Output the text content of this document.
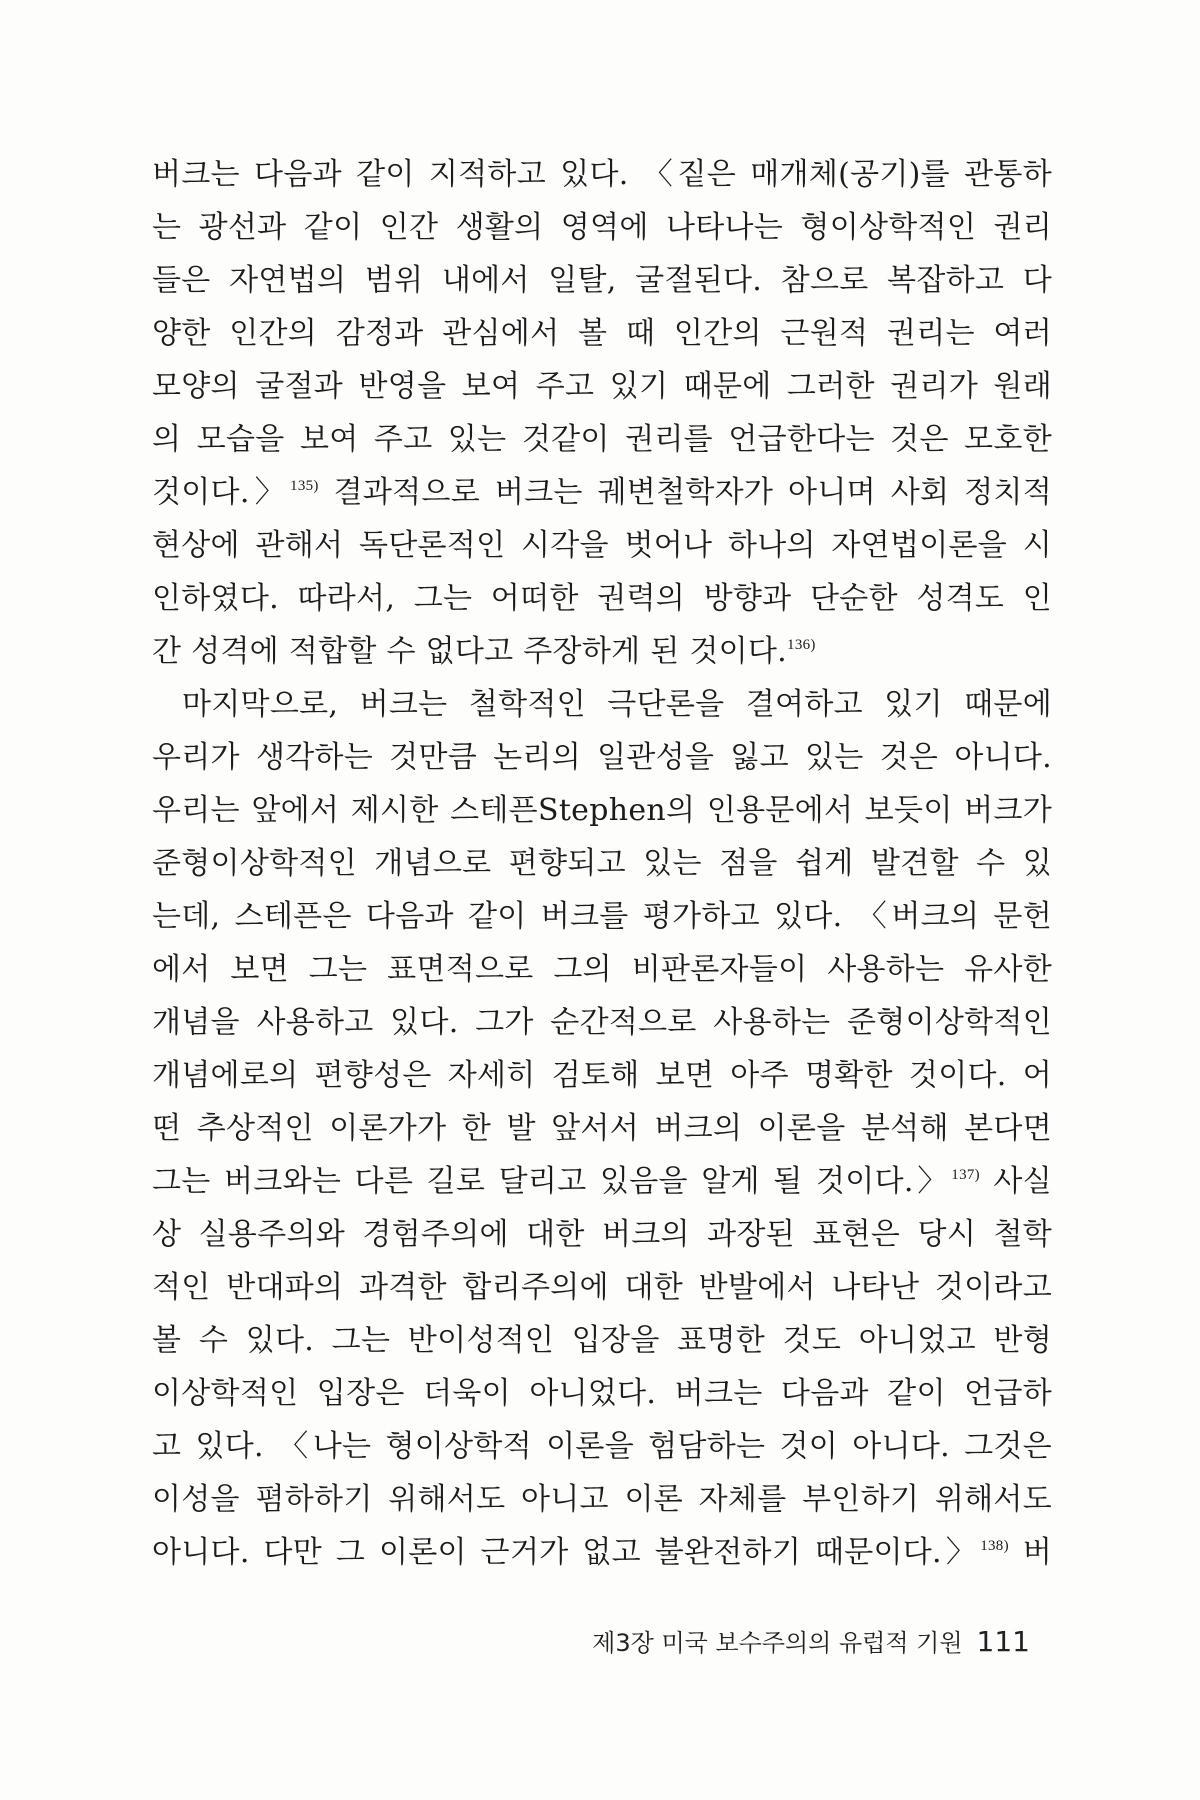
버크는 다음과 같이 지적하고 있다. 〈짙은 매개체(공기)를 관통하
는 광선과 같이 인간 생활의 영역에 나타나는 형이상학적인 권리
들은 자연법의 범위 내에서 일탈, 굴절된다. 참으로 복잡하고 다
양한 인간의 감정과 관심에서 볼 때 인간의 근원적 권리는 여러
모양의 굴절과 반영을 보여 주고 있기 때문에 그러한 권리가 원래
의 모습을 보여 주고 있는 것같이 권리를 언급한다는 것은 모호한
것이다.〉$^{135)}$ 결과적으로 버크는 궤변철학자가 아니며 사회 정치적
현상에 관해서 독단론적인 시각을 벗어나 하나의 자연법이론을 시
인하였다. 따라서, 그는 어떠한 권력의 방향과 단순한 성격도 인
간 성격에 적합할 수 없다고 주장하게 된 것이다.$^{136)}$
마지막으로, 버크는 철학적인 극단론을 결여하고 있기 때문에
우리가 생각하는 것만큼 논리의 일관성을 잃고 있는 것은 아니다.
우리는 앞에서 제시한 스테픈Stephen의 인용문에서 보듯이 버크가
준형이상학적인 개념으로 편향되고 있는 점을 쉽게 발견할 수 있
는데, 스테픈은 다음과 같이 버크를 평가하고 있다. 〈버크의 문헌
에서 보면 그는 표면적으로 그의 비판론자들이 사용하는 유사한
개념을 사용하고 있다. 그가 순간적으로 사용하는 준형이상학적인
개념에로의 편향성은 자세히 검토해 보면 아주 명확한 것이다. 어
떤 추상적인 이론가가 한 발 앞서서 버크의 이론을 분석해 본다면
그는 버크와는 다른 길로 달리고 있음을 알게 될 것이다.〉$^{137)}$ 사실
상 실용주의와 경험주의에 대한 버크의 과장된 표현은 당시 철학
적인 반대파의 과격한 합리주의에 대한 반발에서 나타난 것이라고
볼 수 있다. 그는 반이성적인 입장을 표명한 것도 아니었고 반형
이상학적인 입장은 더욱이 아니었다. 버크는 다음과 같이 언급하
고 있다. 〈나는 형이상학적 이론을 험담하는 것이 아니다. 그것은
이성을 폄하하기 위해서도 아니고 이론 자체를 부인하기 위해서도
아니다. 다만 그 이론이 근거가 없고 불완전하기 때문이다.〉$^{138)}$ 버
제3장 미국 보수주의의 유럽적 기원 111
